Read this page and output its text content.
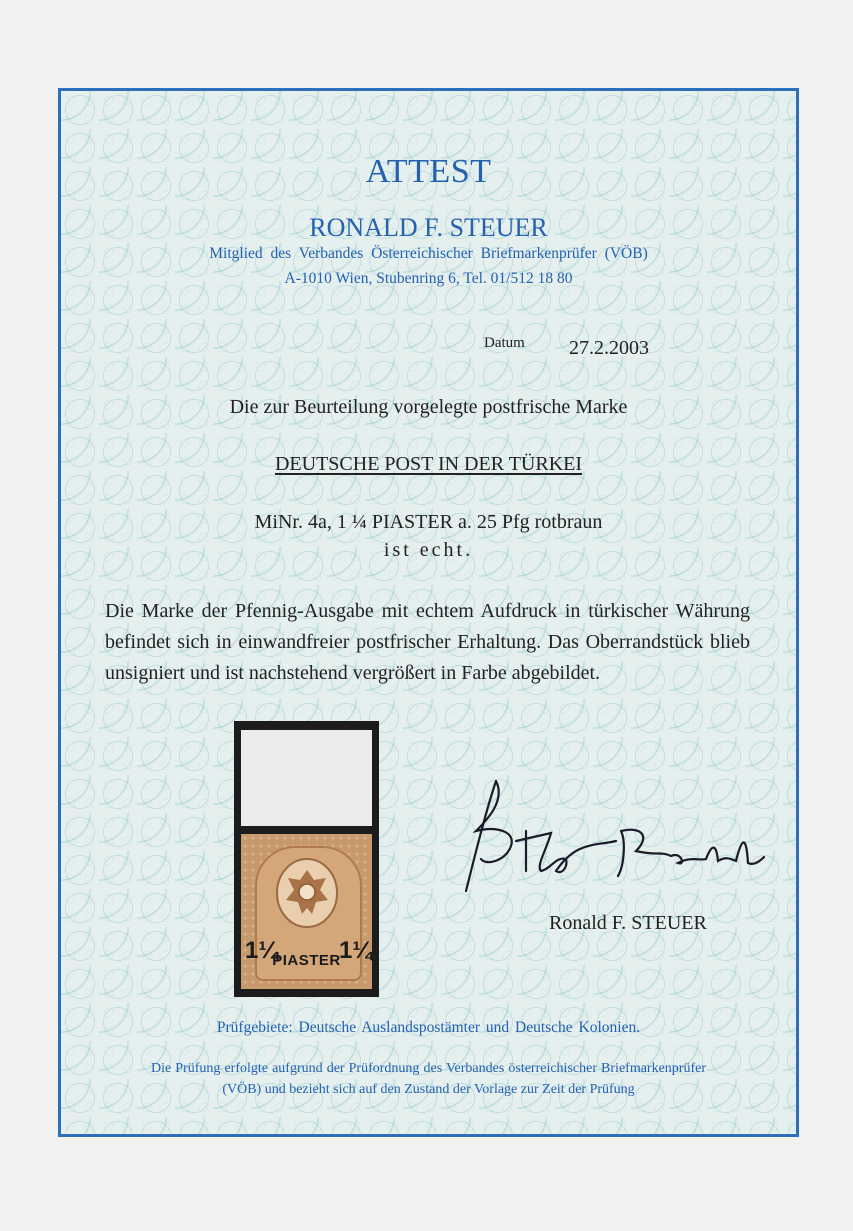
ATTEST
RONALD F. STEUER
Mitglied des Verbandes Österreichischer Briefmarkenprüfer (VÖB)
A-1010 Wien, Stubenring 6, Tel. 01/512 18 80
Datum 27.2.2003
Die zur Beurteilung vorgelegte postfrische Marke
DEUTSCHE POST IN DER TÜRKEI
MiNr. 4a, 1 ¼ PIASTER a. 25 Pfg rotbraun
ist echt.
Die Marke der Pfennig-Ausgabe mit echtem Aufdruck in türkischer Währung befindet sich in einwandfreier postfrischer Erhaltung. Das Oberrandstück blieb unsigniert und ist nachstehend vergrößert in Farbe abgebildet.
1¼	1¼
PIASTER
Ronald F. STEUER
Prüfgebiete: Deutsche Auslandspostämter und Deutsche Kolonien.
Die Prüfung erfolgte aufgrund der Prüfordnung des Verbandes österreichischer Briefmarkenprüfer (VÖB) und bezieht sich auf den Zustand der Vorlage zur Zeit der Prüfung
